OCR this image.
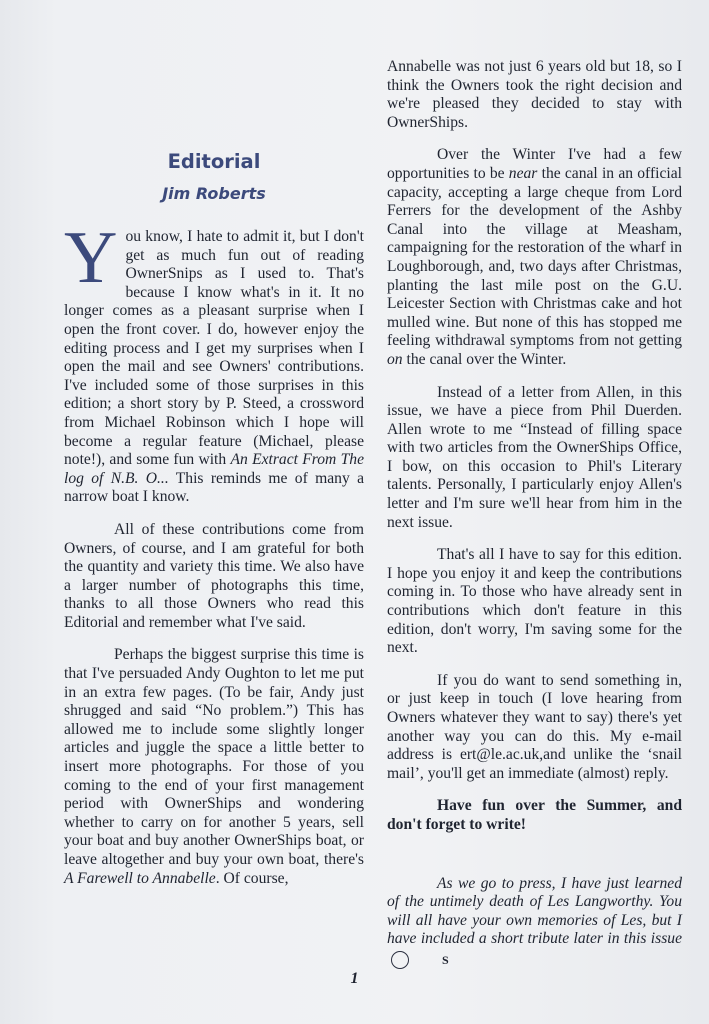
Editorial
Jim Roberts

You know, I hate to admit it, but I don't get as much fun out of reading OwnerSnips as I used to. That's because I know what's in it. It no longer comes as a pleasant surprise when I open the front cover. I do, however enjoy the editing process and I get my surprises when I open the mail and see Owners' contributions. I've included some of those surprises in this edition; a short story by P. Steed, a crossword from Michael Robinson which I hope will become a regular feature (Michael, please note!), and some fun with An Extract From The log of N.B. O... This reminds me of many a narrow boat I know.

All of these contributions come from Owners, of course, and I am grateful for both the quantity and variety this time. We also have a larger number of photographs this time, thanks to all those Owners who read this Editorial and remember what I've said.

Perhaps the biggest surprise this time is that I've persuaded Andy Oughton to let me put in an extra few pages. (To be fair, Andy just shrugged and said “No problem.”) This has allowed me to include some slightly longer articles and juggle the space a little better to insert more photographs. For those of you coming to the end of your first management period with OwnerShips and wondering whether to carry on for another 5 years, sell your boat and buy another OwnerShips boat, or leave altogether and buy your own boat, there's A Farewell to Annabelle. Of course,

Annabelle was not just 6 years old but 18, so I think the Owners took the right decision and we're pleased they decided to stay with OwnerShips.

Over the Winter I've had a few opportunities to be near the canal in an official capacity, accepting a large cheque from Lord Ferrers for the development of the Ashby Canal into the village at Measham, campaigning for the restoration of the wharf in Loughborough, and, two days after Christmas, planting the last mile post on the G.U. Leicester Section with Christmas cake and hot mulled wine. But none of this has stopped me feeling withdrawal symptoms from not getting on the canal over the Winter.

Instead of a letter from Allen, in this issue, we have a piece from Phil Duerden. Allen wrote to me “Instead of filling space with two articles from the OwnerShips Office, I bow, on this occasion to Phil's Literary talents. Personally, I particularly enjoy Allen's letter and I'm sure we'll hear from him in the next issue.

That's all I have to say for this edition. I hope you enjoy it and keep the contributions coming in. To those who have already sent in contributions which don't feature in this edition, don't worry, I'm saving some for the next.

If you do want to send something in, or just keep in touch (I love hearing from Owners whatever they want to say) there's yet another way you can do this. My e-mail address is ert@le.ac.uk,and unlike the ‘snail mail’, you'll get an immediate (almost) reply.

Have fun over the Summer, and don't forget to write!

As we go to press, I have just learned of the untimely death of Les Langworthy. You will all have your own memories of Les, but I have included a short tribute later in this issueS

1
